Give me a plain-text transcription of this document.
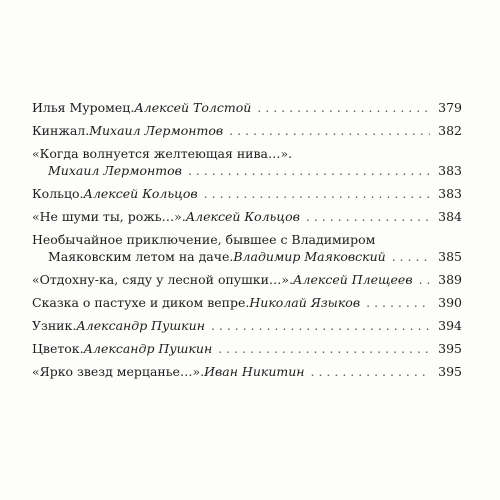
Илья Муромец. Алексей Толстой . . .	379
Кинжал. Михаил Лермонтов . . .	382
«Когда волнуется желтеющая нива…».
Михаил Лермонтов . . .	383
Кольцо. Алексей Кольцов . . .	383
«Не шуми ты, рожь…». Алексей Кольцов . . .	384
Необычайное приключение, бывшее с Владимиром
Маяковским летом на даче. Владимир Маяковский . . .	385
«Отдохну-ка, сяду у лесной опушки…». Алексей Плещеев . . .	389
Сказка о пастухе и диком вепре. Николай Языков . . .	390
Узник. Александр Пушкин . . .	394
Цветок. Александр Пушкин . . .	395
«Ярко звезд мерцанье…». Иван Никитин . . .	395
